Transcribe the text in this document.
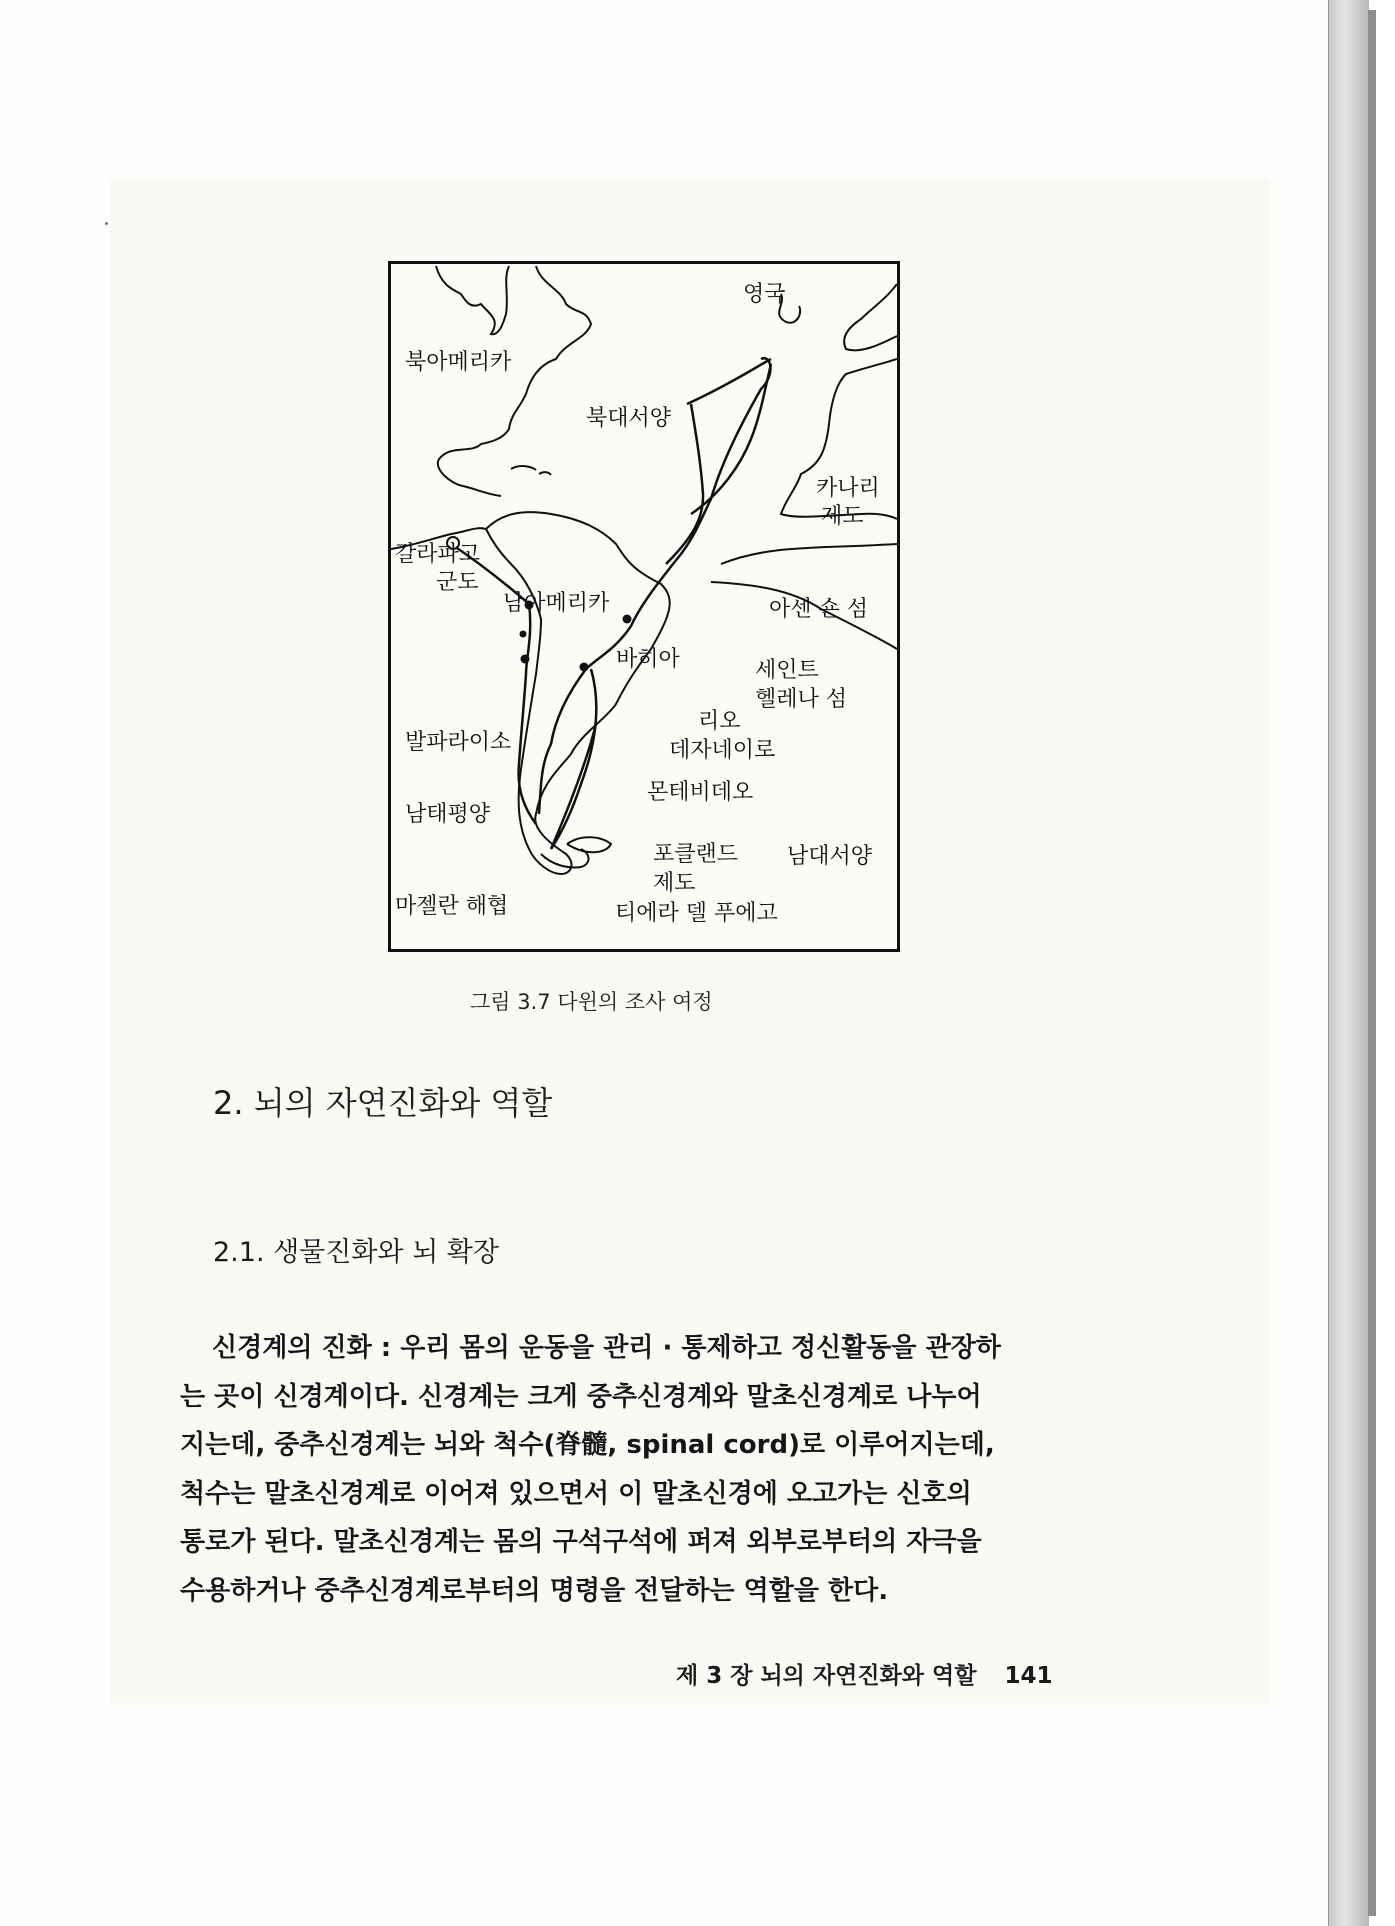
영국
북아메리카
북대서양
카나리
제도
갈라파고
군도
남아메리카
바히아
아센 숀 섬
세인트
헬레나 섬
리오
데자네이로
몬테비데오
발파라이소
남태평양
포클랜드
제도
남대서양
마젤란 해협	티에라 델 푸에고
그림 3.7 다윈의 조사 여정
2. 뇌의 자연진화와 역할
2.1. 생물진화와 뇌 확장
신경계의 진화 : 우리 몸의 운동을 관리 · 통제하고 정신활동을 관장하
는 곳이 신경계이다. 신경계는 크게 중추신경계와 말초신경계로 나누어
지는데, 중추신경계는 뇌와 척수(脊髓, spinal cord)로 이루어지는데,
척수는 말초신경계로 이어져 있으면서 이 말초신경에 오고가는 신호의
통로가 된다. 말초신경계는 몸의 구석구석에 퍼져 외부로부터의 자극을
수용하거나 중추신경계로부터의 명령을 전달하는 역할을 한다.
제 3 장 뇌의 자연진화와 역할 141
